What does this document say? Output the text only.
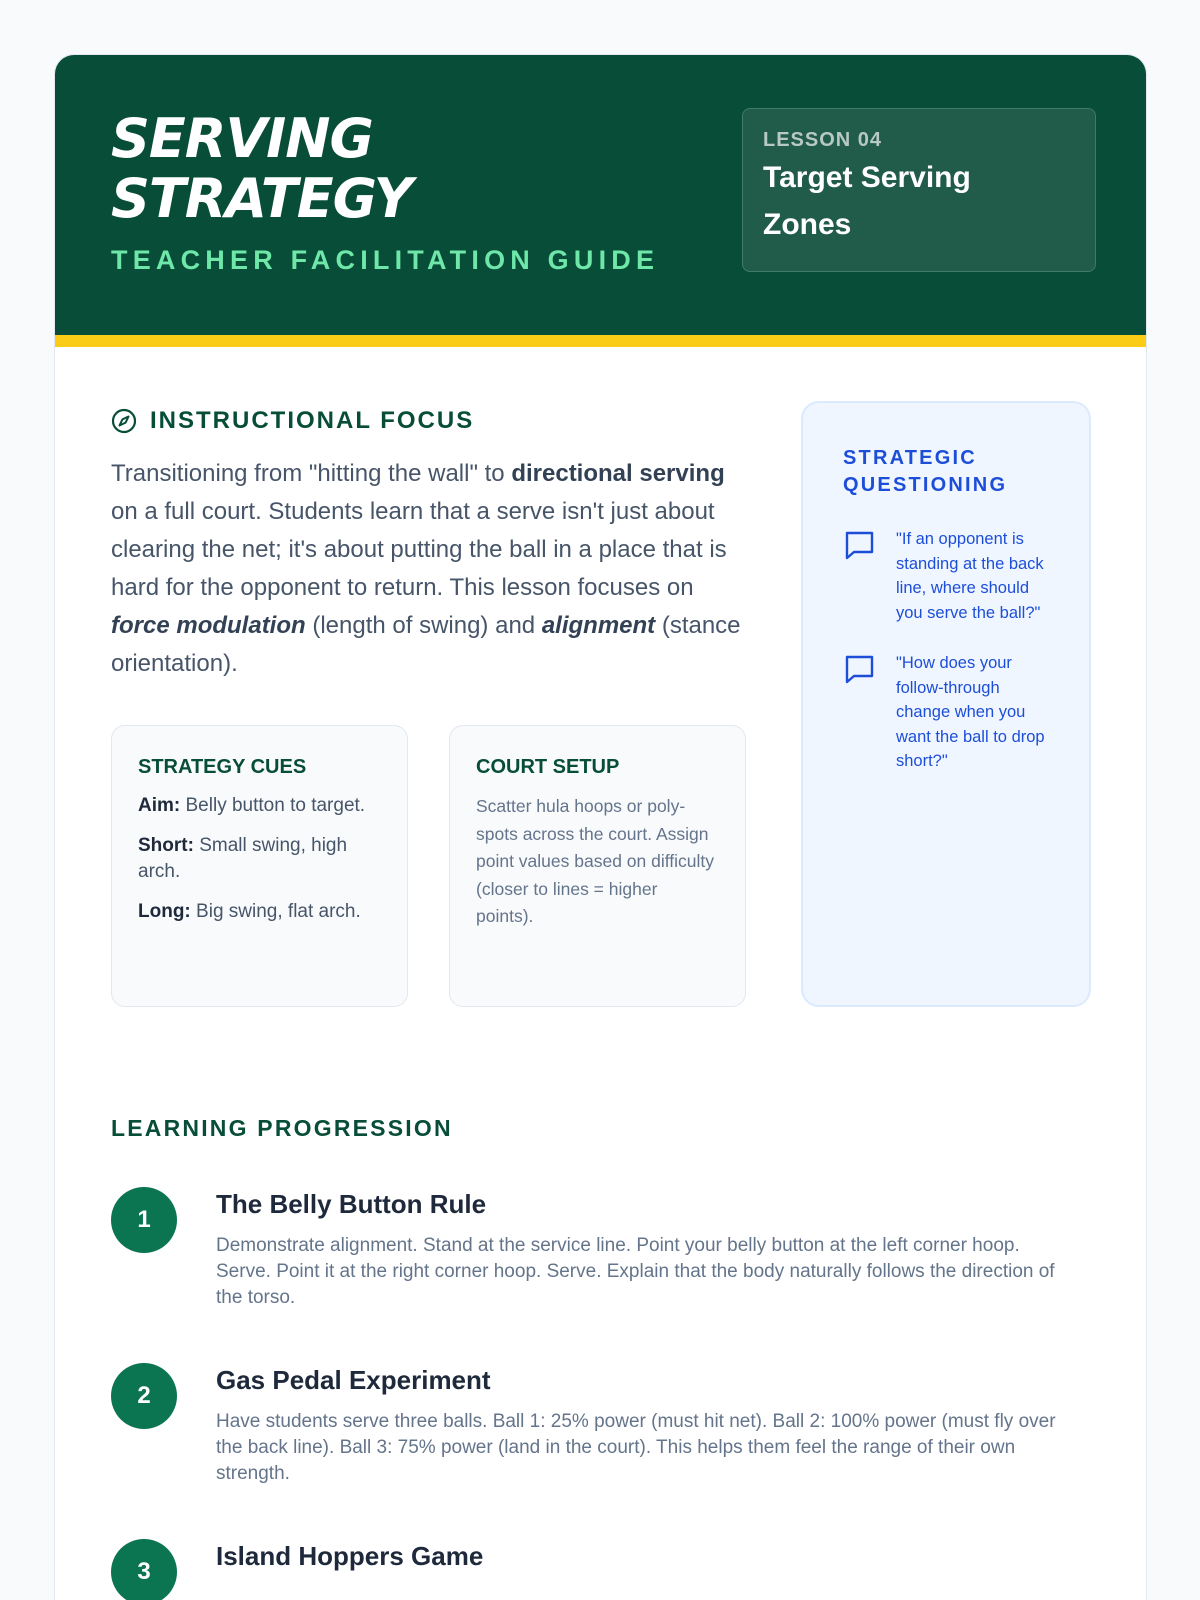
SERVING
STRATEGY
TEACHER FACILITATION GUIDE
LESSON 04
Target Serving
Zones
INSTRUCTIONAL FOCUS
Transitioning from "hitting the wall" to directional serving on a full court. Students learn that a serve isn't just about clearing the net; it's about putting the ball in a place that is hard for the opponent to return. This lesson focuses on force modulation (length of swing) and alignment (stance orientation).
STRATEGY CUES
Aim: Belly button to target.
Short: Small swing, high arch.
Long: Big swing, flat arch.
COURT SETUP

Scatter hula hoops or poly-spots across the court. Assign point values based on difficulty (closer to lines = higher points).

STRATEGIC QUESTIONING

"If an opponent is standing at the back line, where should you serve the ball?"

"How does your follow-through change when you want the ball to drop short?"

LEARNING PROGRESSION
1
The Belly Button Rule

Demonstrate alignment. Stand at the service line. Point your belly button at the left corner hoop. Serve. Point it at the right corner hoop. Serve. Explain that the body naturally follows the direction of the torso.

2
Gas Pedal Experiment

Have students serve three balls. Ball 1: 25% power (must hit net). Ball 2: 100% power (must fly over the back line). Ball 3: 75% power (land in the court). This helps them feel the range of their own strength.

3
Island Hoppers Game
